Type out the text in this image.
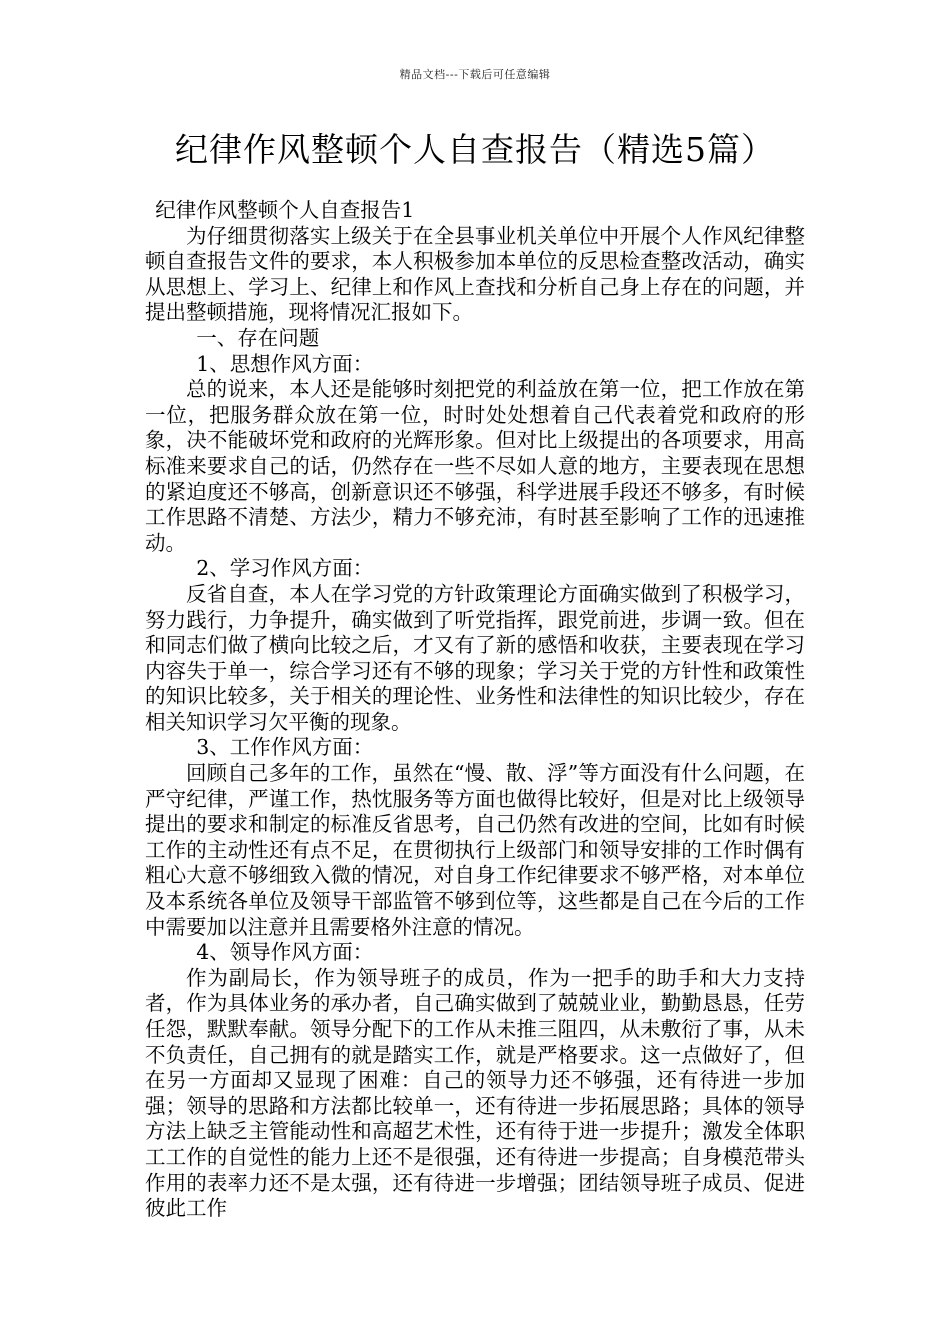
精品文档---下载后可任意编辑
纪律作风整顿个人自查报告（精选5篇）

纪律作风整顿个人自查报告1

为仔细贯彻落实上级关于在全县事业机关单位中开展个人作风纪律整顿自查报告文件的要求，本人积极参加本单位的反思检查整改活动，确实从思想上、学习上、纪律上和作风上查找和分析自己身上存在的问题，并提出整顿措施，现将情况汇报如下。

一、存在问题

1、思想作风方面：

总的说来，本人还是能够时刻把党的利益放在第一位，把工作放在第一位，把服务群众放在第一位，时时处处想着自己代表着党和政府的形象，决不能破坏党和政府的光辉形象。但对比上级提出的各项要求，用高标准来要求自己的话，仍然存在一些不尽如人意的地方，主要表现在思想的紧迫度还不够高，创新意识还不够强，科学进展手段还不够多，有时候工作思路不清楚、方法少，精力不够充沛，有时甚至影响了工作的迅速推动。

2、学习作风方面：

反省自查，本人在学习党的方针政策理论方面确实做到了积极学习，努力践行，力争提升，确实做到了听党指挥，跟党前进，步调一致。但在和同志们做了横向比较之后，才又有了新的感悟和收获，主要表现在学习内容失于单一，综合学习还有不够的现象；学习关于党的方针性和政策性的知识比较多，关于相关的理论性、业务性和法律性的知识比较少，存在相关知识学习欠平衡的现象。

3、工作作风方面：

回顾自己多年的工作，虽然在“慢、散、浮”等方面没有什么问题，在严守纪律，严谨工作，热忱服务等方面也做得比较好，但是对比上级领导提出的要求和制定的标准反省思考，自己仍然有改进的空间，比如有时候工作的主动性还有点不足，在贯彻执行上级部门和领导安排的工作时偶有粗心大意不够细致入微的情况，对自身工作纪律要求不够严格，对本单位及本系统各单位及领导干部监管不够到位等，这些都是自己在今后的工作中需要加以注意并且需要格外注意的情况。

4、领导作风方面：

作为副局长，作为领导班子的成员，作为一把手的助手和大力支持者，作为具体业务的承办者，自己确实做到了兢兢业业，勤勤恳恳，任劳任怨，默默奉献。领导分配下的工作从未推三阻四，从未敷衍了事，从未不负责任，自己拥有的就是踏实工作，就是严格要求。这一点做好了，但在另一方面却又显现了困难：自己的领导力还不够强，还有待进一步加强；领导的思路和方法都比较单一，还有待进一步拓展思路；具体的领导方法上缺乏主管能动性和高超艺术性，还有待于进一步提升；激发全体职工工作的自觉性的能力上还不是很强，还有待进一步提高；自身模范带头作用的表率力还不是太强，还有待进一步增强；团结领导班子成员、促进彼此工作
